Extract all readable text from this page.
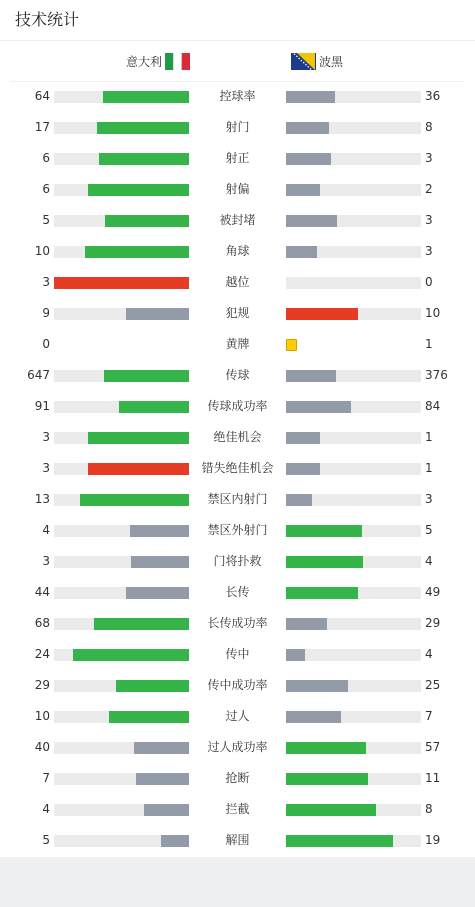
技术统计
意大利	波黑
64	控球率	36
17	射门	8
6	射正	3
6	射偏	2
5	被封堵	3
10	角球	3
3	越位	0
9	犯规	10
0	黄牌	1
647	传球	376
91	传球成功率	84
3	绝佳机会	1
3	错失绝佳机会	1
13	禁区内射门	3
4	禁区外射门	5
3	门将扑救	4
44	长传	49
68	长传成功率	29
24	传中	4
29	传中成功率	25
10	过人	7
40	过人成功率	57
7	抢断	11
4	拦截	8
5	解围	19
